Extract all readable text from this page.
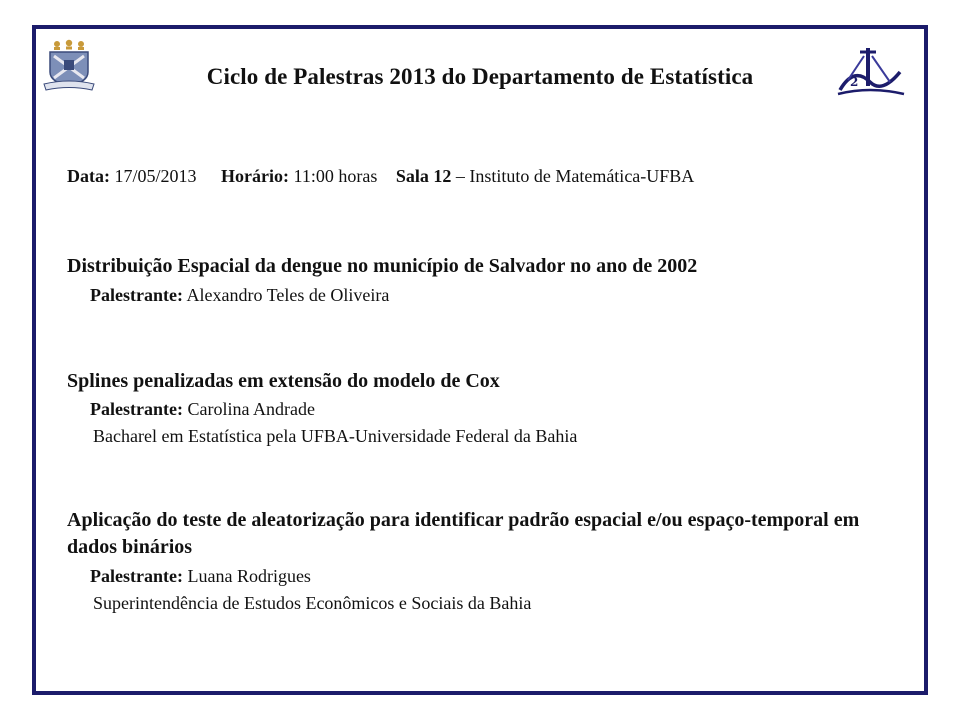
2
Ciclo de Palestras 2013 do Departamento de Estatística
Data: 17/05/2013 Horário: 11:00 horas Sala 12 – Instituto de Matemática-UFBA
Distribuição Espacial da dengue no município de Salvador no ano de 2002
Palestrante: Alexandro Teles de Oliveira
Splines penalizadas em extensão do modelo de Cox
Palestrante: Carolina Andrade
Bacharel em Estatística pela UFBA-Universidade Federal da Bahia
Aplicação do teste de aleatorização para identificar padrão espacial e/ou espaço-temporal em dados binários
Palestrante: Luana Rodrigues
Superintendência de Estudos Econômicos e Sociais da Bahia
